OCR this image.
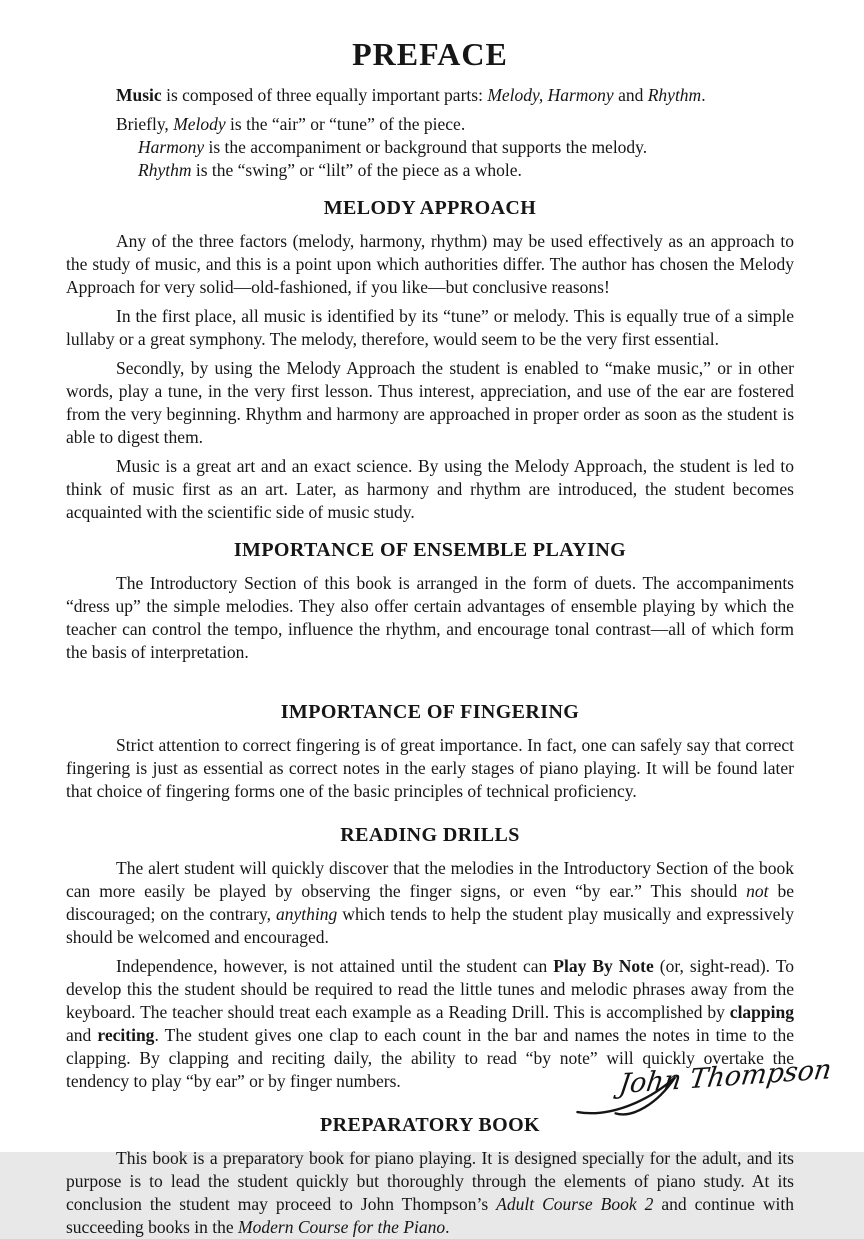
PREFACE

Music is composed of three equally important parts: Melody, Harmony and Rhythm.

Briefly, Melody is the “air” or “tune” of the piece.
Harmony is the accompaniment or background that supports the melody.
Rhythm is the “swing” or “lilt” of the piece as a whole.
MELODY APPROACH

Any of the three factors (melody, harmony, rhythm) may be used effectively as an approach to the study of music, and this is a point upon which authorities differ. The author has chosen the Melody Approach for very solid—old-fashioned, if you like—but conclusive reasons!

In the first place, all music is identified by its “tune” or melody. This is equally true of a simple lullaby or a great symphony. The melody, therefore, would seem to be the very first essential.

Secondly, by using the Melody Approach the student is enabled to “make music,” or in other words, play a tune, in the very first lesson. Thus interest, appreciation, and use of the ear are fostered from the very beginning. Rhythm and harmony are approached in proper order as soon as the student is able to digest them.

Music is a great art and an exact science. By using the Melody Approach, the student is led to think of music first as an art. Later, as harmony and rhythm are introduced, the student becomes acquainted with the scientific side of music study.

IMPORTANCE OF ENSEMBLE PLAYING

The Introductory Section of this book is arranged in the form of duets. The accompaniments “dress up” the simple melodies. They also offer certain advantages of ensemble playing by which the teacher can control the tempo, influence the rhythm, and encourage tonal contrast—all of which form the basis of interpretation.

IMPORTANCE OF FINGERING

Strict attention to correct fingering is of great importance. In fact, one can safely say that correct fingering is just as essential as correct notes in the early stages of piano playing. It will be found later that choice of fingering forms one of the basic principles of technical proficiency.

READING DRILLS

The alert student will quickly discover that the melodies in the Introductory Section of the book can more easily be played by observing the finger signs, or even “by ear.” This should not be discouraged; on the contrary, anything which tends to help the student play musically and expressively should be welcomed and encouraged.

Independence, however, is not attained until the student can Play By Note (or, sight-read). To develop this the student should be required to read the little tunes and melodic phrases away from the keyboard. The teacher should treat each example as a Reading Drill. This is accomplished by clapping and reciting. The student gives one clap to each count in the bar and names the notes in time to the clapping. By clapping and reciting daily, the ability to read “by note” will quickly overtake the tendency to play “by ear” or by finger numbers.

PREPARATORY BOOK

This book is a preparatory book for piano playing. It is designed specially for the adult, and its purpose is to lead the student quickly but thoroughly through the elements of piano study. At its conclusion the student may proceed to John Thompson’s Adult Course Book 2 and continue with succeeding books in the Modern Course for the Piano.

John Thompson
